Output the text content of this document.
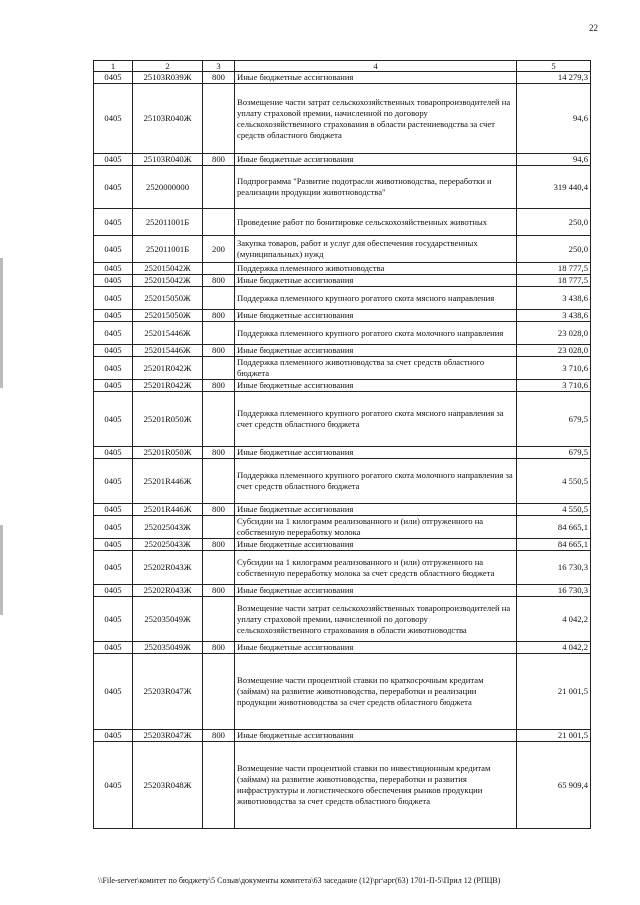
22
1	2	3	4	5
0405	25103R039Ж	800	Иные бюджетные ассигнования	14 279,3
0405	25103R040Ж		Возмещение части затрат сельскохозяйственных товаропроизводителей на уплату страховой премии, начисленной по договору сельскохозяйственного страхования в области растениеводства за счет средств областного бюджета	94,6
0405	25103R040Ж	800	Иные бюджетные ассигнования	94,6
0405	2520000000		Подпрограмма "Развитие подотрасли животноводства, переработки и реализации продукции животноводства"	319 440,4
0405	252011001Б		Проведение работ по бонитировке сельскохозяйственных животных	250,0
0405	252011001Б	200	Закупка товаров, работ и услуг для обеспечения государственных (муниципальных) нужд	250,0
0405	252015042Ж		Поддержка племенного животноводства	18 777,5
0405	252015042Ж	800	Иные бюджетные ассигнования	18 777,5
0405	252015050Ж		Поддержка племенного крупного рогатого скота мясного направления	3 438,6
0405	252015050Ж	800	Иные бюджетные ассигнования	3 438,6
0405	252015446Ж		Поддержка племенного крупного рогатого скота молочного направления	23 028,0
0405	252015446Ж	800	Иные бюджетные ассигнования	23 028,0
0405	25201R042Ж		Поддержка племенного животноводства за счет средств областного бюджета	3 710,6
0405	25201R042Ж	800	Иные бюджетные ассигнования	3 710,6
0405	25201R050Ж		Поддержка племенного крупного рогатого скота мясного направления за счет средств областного бюджета	679,5
0405	25201R050Ж	800	Иные бюджетные ассигнования	679,5
0405	25201R446Ж		Поддержка племенного крупного рогатого скота молочного направления за счет средств областного бюджета	4 550,5
0405	25201R446Ж	800	Иные бюджетные ассигнования	4 550,5
0405	252025043Ж		Субсидии на 1 килограмм реализованного и (или) отгруженного на собственную переработку молока	84 665,1
0405	252025043Ж	800	Иные бюджетные ассигнования	84 665,1
0405	25202R043Ж		Субсидии на 1 килограмм реализованного и (или) отгруженного на собственную переработку молока за счет средств областного бюджета	16 730,3
0405	25202R043Ж	800	Иные бюджетные ассигнования	16 730,3
0405	252035049Ж		Возмещение части затрат сельскохозяйственных товаропроизводителей на уплату страховой премии, начисленной по договору сельскохозяйственного страхования в области животноводства	4 042,2
0405	252035049Ж	800	Иные бюджетные ассигнования	4 042,2
0405	25203R047Ж		Возмещение части процентной ставки по краткосрочным кредитам (займам) на развитие животноводства, переработки и реализации продукции животноводства за счет средств областного бюджета	21 001,5
0405	25203R047Ж	800	Иные бюджетные ассигнования	21 001,5
0405	25203R048Ж		Возмещение части процентной ставки по инвестиционным кредитам (займам) на развитие животноводства, переработки и развития инфраструктуры и логистического обеспечения рынков продукции животноводства за счет средств областного бюджета	65 909,4
\\File-server\комитет по бюджету\5 Созыв\документы комитета\63 заседание (12)\рг\арг(63) 1701-П-5\Прил 12 (РПЦВ)
